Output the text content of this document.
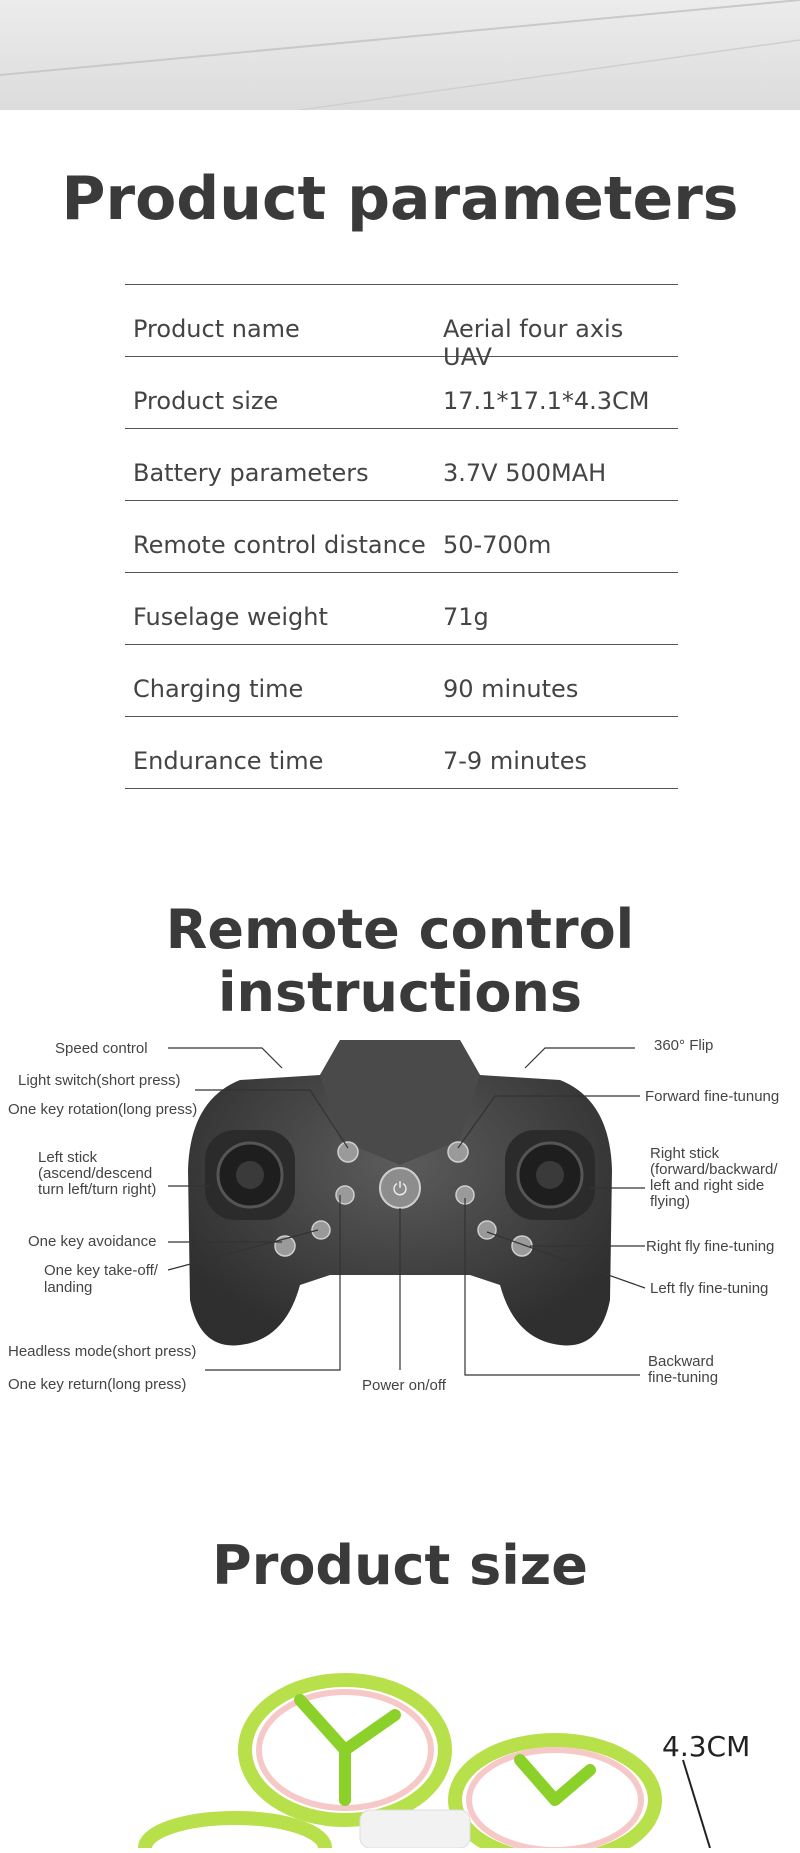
Product parameters
Product name	Aerial four axis UAV
Product size	17.1*17.1*4.3CM
Battery parameters	3.7V 500MAH
Remote control distance 50-700m
Fuselage weight	71g
Charging time	90 minutes
Endurance time	7-9 minutes
Remote control instructions
⏻
Speed control
Light switch(short press)
One key rotation(long press)
Left stick
(ascend/descend
turn left/turn right)
One key avoidance
One key take-off/
landing
Headless mode(short press)
One key return(long press)	Power on/off
360° Flip
Forward fine-tunung
Right stick
(forward/backward/
left and right side
flying)
Right fly fine-tuning
Left fly fine-tuning
Backward
fine-tuning
Product size
4.3CM
